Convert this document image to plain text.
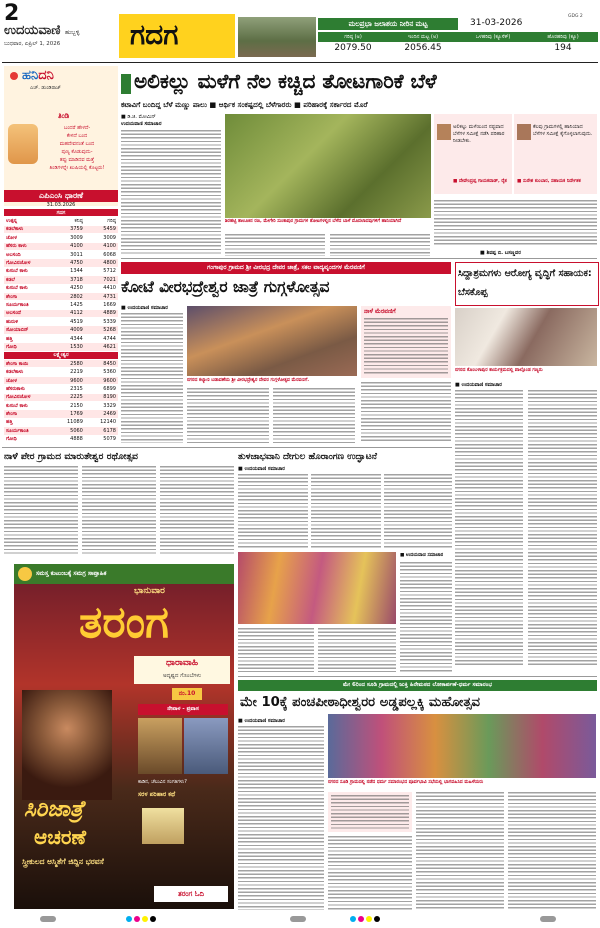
2
ಉದಯವಾಣಿ ಹುಬ್ಬಳ್ಳಿ
ಬುಧವಾರ, ಏಪ್ರಿಲ್ 1, 2026 ಗದಗ	ಮಲಪ್ರಭಾ ಜಲಾಶಯ ನೀರಿನ ಮಟ್ಟ	31-03-2026
GDG 2
ಗರಿಷ್ಠ (ಅ)	ಇಂದಿನ ಮಟ್ಟ (ಅ)	ಒಳಹರಿವು (ಕ್ಯೂಸೆಕ್)	ಹೊರಹರಿವು (ಕ್ಯೂ)
2079.50	2056.45	194
ಹನಿದನಿ
ಎಚ್. ಡುಂಡಿರಾಜ್
ತಿಂಡಿ
ಬಂದರೆ ಹೇಳದೆ-
ಕೇಳದೆ ಬಂದ
ಮಹದೇವನಂತೆ ಬಂದ
ಪುಣ್ಯ ಕೊಡುವುದು-
ತಪ್ಪು ಮಾಡಿದವ ಮತ್ತೆ
ತಿಂಡಿಗಳನ್ನೇ ಖುಷಿಯಲ್ಲಿ ಕೊಟ್ಟರು!
ಎಪಿಎಂಸಿ ಧಾರಣೆ
31.03.2026
ಗದಗ		
ಉತ್ಪನ್ನ	ಕನಿಷ್ಠ	ಗರಿಷ್ಠ
ಕಡಲೆಕಾಳು	3759	5459
ಜೋಳ	3009	3009
ಹೆಸರು ಕಾಳು	4100	4100
ಅಲಸಂದಿ	3011	6068
ಗೋವಿನಜೋಳ	4750	4800
ಕುಸುಬೆ ಕಾಳು	1344	5712
ಕಡಲೆ	3718	7021
ಕುಸುಬೆ ಕಾಳು	4250	4410
ಶೇಂಗಾ	2802	4731
ಸೂರ್ಯಕಾಂತಿ	1425	1669
ಅಲಸಂದೆ	4112	4889
ಹುರುಳಿ	4519	5339
ಸೋಯಾಬಿನ್	4009	5268
ಹತ್ತಿ	4344	4744
ಗೋಧಿ	1530	4621
ಲಕ್ಷ್ಮೇಶ್ವರ		
ಶೇಂಗಾ ಕಾಯಿ	2580	8450
ಕಡಲೆಕಾಳು	2219	5360
ಜೋಳ	9600	9600
ಹೆಸರುಕಾಳು	2315	6899
ಗೋವಿನಜೋಳ	2225	8190
ಕುಸುಬೆ ಕಾಳು	2150	3329
ಶೇಂಗಾ	1769	2469
ಹತ್ತಿ	11089	12140
ಸೂರ್ಯಕಾಂತಿ	5060	6178
ಗೋಧಿ	4888	5079
ಅಲಿಕಲ್ಲು ಮಳೆಗೆ ನೆಲ ಕಚ್ಚಿದ ತೋಟಗಾರಿಕೆ ಬೆಳೆ
ಕಟಾವಿಗೆ ಬಂದಿದ್ದ ಬೆಳೆ ಮಣ್ಣು ಪಾಲು ■ ಆರ್ಥಿಕ ಸಂಕಷ್ಟದಲ್ಲಿ ಬೆಳೆಗಾರರು ■ ಪರಿಹಾರಕ್ಕೆ ಸರ್ಕಾರದ ಮೊರೆ
■ ಡಿ.ಜಿ. ಮೋಮಿನ್
ಉದಯವಾಣಿ ಸಮಾಚಾರ
ಶಿರಹಟ್ಟಿ ತಾಲೂಕಿನ ರಣ, ಮೇಗೇರಿ ಸುಂಕಾಪುರ ಗ್ರಾಮಗಳ ತೋಟಗಳಲ್ಲಿನ ಬೆಳೆದ ಬಾಳೆ ಮೊದಲಾದವುಗಳಿಗೆ ಹಾನಿಯಾಗಿದೆ
ಅಲಿಕಲ್ಲು ಮಳೆಯಿಂದ ನಷ್ಟವಾದ ಬೆಳೆಗಳ ಸಮೀಕ್ಷೆ ನಡೆಸಿ ಪರಿಹಾರ ನೀಡಬೇಕು.
■ ದೇವೇಂದ್ರಪ್ಪ ಗಾಯಕವಾಡ್, ರೈತ
ಕೆಲವು ಗ್ರಾಮಗಳಲ್ಲಿ ಹಾನಿಯಾದ ಬೆಳೆಗಳ ಸಮೀಕ್ಷೆ ಕೈಗೊಳ್ಳಲಾಗುವುದು.
■ ಸುರೇಶ ಕುಂಬಾರ, ಸಹಾಯಕ ನಿರ್ದೇಶಕ
■ ಶಿವಪ್ಪ ಬಿ. ಬಸಣ್ಣವರ
ಗಂಗಾಪುರ ಗ್ರಾಮದ ಶ್ರೀ ವೀರಭದ್ರ ದೇವರ ಜಾತ್ರೆ, ಸಕಲ ವಾದ್ಯವೃಂದಗಳ ಮೆರವಣಿಗೆ
ಕೋಟೆ ವೀರಭದ್ರೇಶ್ವರ ಜಾತ್ರೆ ಗುಗ್ಗಳೋತ್ಸವ
■ ಉದಯವಾಣಿ ಸಮಾಚಾರ
ನಗರದ ಕಲ್ಯಾಣಿ ಬಡಾವಣೆಯ ಶ್ರೀ ವೀರಭದ್ರೇಶ್ವರ ದೇವರ ಗುಗ್ಗಳೋತ್ಸವ ಮೆರವಣಿಗೆ.
ನಾಳೆ ಮೆರವಣಿಗೆ
ಸಿದ್ದಾಶ್ರಮಗಳು ಆರೋಗ್ಯ ವೃದ್ಧಿಗೆ ಸಹಾಯಕ: ಬೆಸಕೊಪ್ಪ
ನಗರದ ಕೊಂಬಳಾಪುರ ಕಾರ್ಯಕ್ರಮದಲ್ಲಿ ಪಾಲ್ಗೊಂಡ ಗಣ್ಯರು
■ ಉದಯವಾಣಿ ಸಮಾಚಾರ
ನಾಳೆ ಪೇರ ಗ್ರಾಮದ ಮಾರುತೇಶ್ವರ ರಥೋತ್ಸವ	ತುಳಜಾಭವಾನಿ ದೇಗುಲ ಹೊರಾಂಗಣ ಉದ್ಘಾಟನೆ
■ ಉದಯವಾಣಿ ಸಮಾಚಾರ
■ ಉದಯವಾಣಿ ಸಮಾಚಾರ
ಸಮಸ್ತ ಕುಟುಂಬಕ್ಕೆ ಸಮಗ್ರ ಸಾಪ್ತಾಹಿಕ
ಭಾನುವಾರ
ತರಂಗ
ಧಾರಾವಾಹಿ
ಅದೃಷ್ಟದ ಗೊಂಬೆಗಳು
ನಂ.10
ನೇಪಾಳ - ಪ್ರವಾಸ
ಸಿರಿಜಾತ್ರೆ
ಆಚರಣೆ
ಸ್ತ್ರೀಕುಲದ ಅಸ್ಮಿತೆಗೆ ಜಿದ್ದಿನ ಭರವಸೆ
ಕಾಡಿನ, ಚೆಲುವಿನ ಸಂಗತಿಗಳು?
ಸರಳ ಪರಿಹಾರ ಕಥೆ
ತರಂಗ ಓದಿ
ಮೇ 6ರಿಂದ ಸೂಡಿ ಗ್ರಾಮದಲ್ಲಿ ಜುಕ್ತಿ ಹಿರೇಮಠದ ಲೋಕಾರ್ಪಣೆ-ಧರ್ಮ ಸಮಾರಂಭ
ಮೇ 10ಕ್ಕೆ ಪಂಚಪೀಠಾಧೀಶ್ವರರ ಅಡ್ಡಪಲ್ಲಕ್ಕಿ ಮಹೋತ್ಸವ
■ ಉದಯವಾಣಿ ಸಮಾಚಾರ
ನಗರದ ಸೂಡಿ ಗ್ರಾಮದಲ್ಲಿ ನಡೆದ ಧರ್ಮ ಸಮಾರಂಭದ ಪೂರ್ವಭಾವಿ ಸಭೆಯಲ್ಲಿ ಭಾಗವಹಿಸಿದ ಮಹಿಳೆಯರು
